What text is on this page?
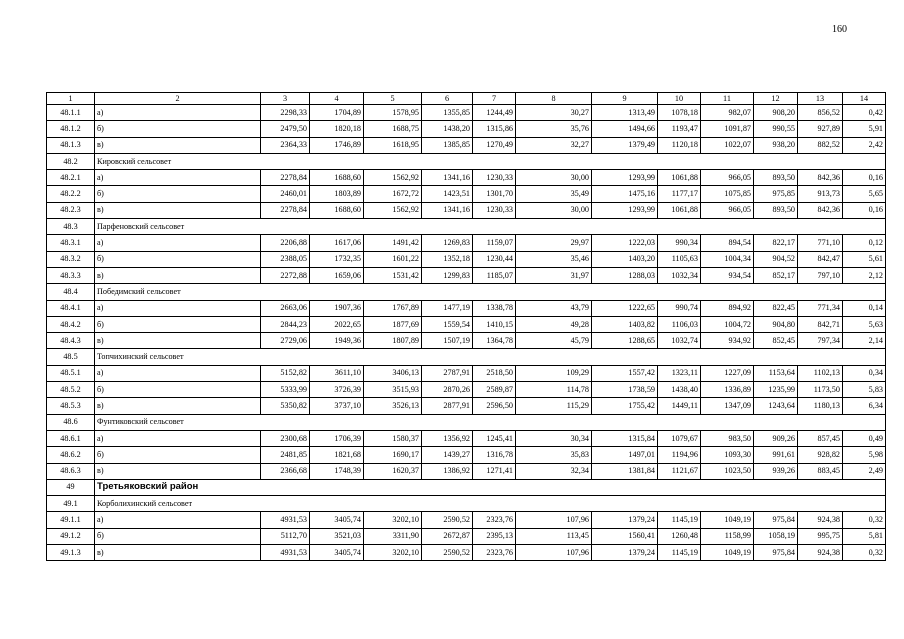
160
1	2	3	4	5	6	7	8	9	10	11	12	13	14
48.1.1	а)	2298,33	1704,89	1578,95	1355,85	1244,49	30,27	1313,49	1078,18	982,07	908,20	856,52	0,42
48.1.2	б)	2479,50	1820,18	1688,75	1438,20	1315,86	35,76	1494,66	1193,47	1091,87	990,55	927,89	5,91
48.1.3	в)	2364,33	1746,89	1618,95	1385,85	1270,49	32,27	1379,49	1120,18	1022,07	938,20	882,52	2,42
48.2	Кировский сельсовет												
48.2.1	а)	2278,84	1688,60	1562,92	1341,16	1230,33	30,00	1293,99	1061,88	966,05	893,50	842,36	0,16
48.2.2	б)	2460,01	1803,89	1672,72	1423,51	1301,70	35,49	1475,16	1177,17	1075,85	975,85	913,73	5,65
48.2.3	в)	2278,84	1688,60	1562,92	1341,16	1230,33	30,00	1293,99	1061,88	966,05	893,50	842,36	0,16
48.3	Парфеновский сельсовет												
48.3.1	а)	2206,88	1617,06	1491,42	1269,83	1159,07	29,97	1222,03	990,34	894,54	822,17	771,10	0,12
48.3.2	б)	2388,05	1732,35	1601,22	1352,18	1230,44	35,46	1403,20	1105,63	1004,34	904,52	842,47	5,61
48.3.3	в)	2272,88	1659,06	1531,42	1299,83	1185,07	31,97	1288,03	1032,34	934,54	852,17	797,10	2,12
48.4	Победимский сельсовет												
48.4.1	а)	2663,06	1907,36	1767,89	1477,19	1338,78	43,79	1222,65	990,74	894,92	822,45	771,34	0,14
48.4.2	б)	2844,23	2022,65	1877,69	1559,54	1410,15	49,28	1403,82	1106,03	1004,72	904,80	842,71	5,63
48.4.3	в)	2729,06	1949,36	1807,89	1507,19	1364,78	45,79	1288,65	1032,74	934,92	852,45	797,34	2,14
48.5	Топчихинский сельсовет												
48.5.1	а)	5152,82	3611,10	3406,13	2787,91	2518,50	109,29	1557,42	1323,11	1227,09	1153,64	1102,13	0,34
48.5.2	б)	5333,99	3726,39	3515,93	2870,26	2589,87	114,78	1738,59	1438,40	1336,89	1235,99	1173,50	5,83
48.5.3	в)	5350,82	3737,10	3526,13	2877,91	2596,50	115,29	1755,42	1449,11	1347,09	1243,64	1180,13	6,34
48.6	Фунтиковский сельсовет												
48.6.1	а)	2300,68	1706,39	1580,37	1356,92	1245,41	30,34	1315,84	1079,67	983,50	909,26	857,45	0,49
48.6.2	б)	2481,85	1821,68	1690,17	1439,27	1316,78	35,83	1497,01	1194,96	1093,30	991,61	928,82	5,98
48.6.3	в)	2366,68	1748,39	1620,37	1386,92	1271,41	32,34	1381,84	1121,67	1023,50	939,26	883,45	2,49
49	Третьяковский район												
49.1	Корболихинский сельсовет												
49.1.1	а)	4931,53	3405,74	3202,10	2590,52	2323,76	107,96	1379,24	1145,19	1049,19	975,84	924,38	0,32
49.1.2	б)	5112,70	3521,03	3311,90	2672,87	2395,13	113,45	1560,41	1260,48	1158,99	1058,19	995,75	5,81
49.1.3	в)	4931,53	3405,74	3202,10	2590,52	2323,76	107,96	1379,24	1145,19	1049,19	975,84	924,38	0,32
